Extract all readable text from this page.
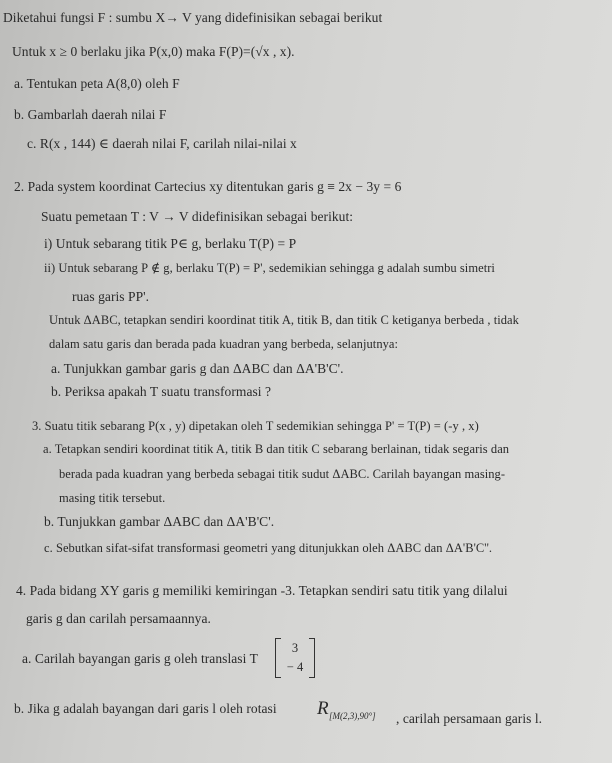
Diketahui fungsi F : sumbu X→ V yang didefinisikan sebagai berikut
Untuk x ≥ 0 berlaku jika P(x,0) maka F(P)=(√x , x).
a. Tentukan peta A(8,0) oleh F
b. Gambarlah daerah nilai F
c. R(x , 144) ∈ daerah nilai F, carilah nilai-nilai x
2. Pada system koordinat Cartecius xy ditentukan garis g ≡ 2x − 3y = 6
Suatu pemetaan T : V → V didefinisikan sebagai berikut:
i) Untuk sebarang titik P∈ g, berlaku T(P) = P
ii) Untuk sebarang P ∉ g, berlaku T(P) = P', sedemikian sehingga g adalah sumbu simetri
ruas garis PP'.
Untuk ΔABC, tetapkan sendiri koordinat titik A, titik B, dan titik C ketiganya berbeda , tidak
dalam satu garis dan berada pada kuadran yang berbeda, selanjutnya:
a. Tunjukkan gambar garis g dan ΔABC dan ΔA'B'C'.
b. Periksa apakah T suatu transformasi ?
3. Suatu titik sebarang P(x , y) dipetakan oleh T sedemikian sehingga P' = T(P) = (-y , x)
a. Tetapkan sendiri koordinat titik A, titik B dan titik C sebarang berlainan, tidak segaris dan
berada pada kuadran yang berbeda sebagai titik sudut ΔABC. Carilah bayangan masing-
masing titik tersebut.
b. Tunjukkan gambar ΔABC dan ΔA'B'C'.
c. Sebutkan sifat-sifat transformasi geometri yang ditunjukkan oleh ΔABC dan ΔA'B'C''.
4. Pada bidang XY garis g memiliki kemiringan -3. Tetapkan sendiri satu titik yang dilalui
garis g dan carilah persamaannya.
a. Carilah bayangan garis g oleh translasi T
3
− 4
b. Jika g adalah bayangan dari garis l oleh rotasi R [M(2,3),90°] , carilah persamaan garis l.
